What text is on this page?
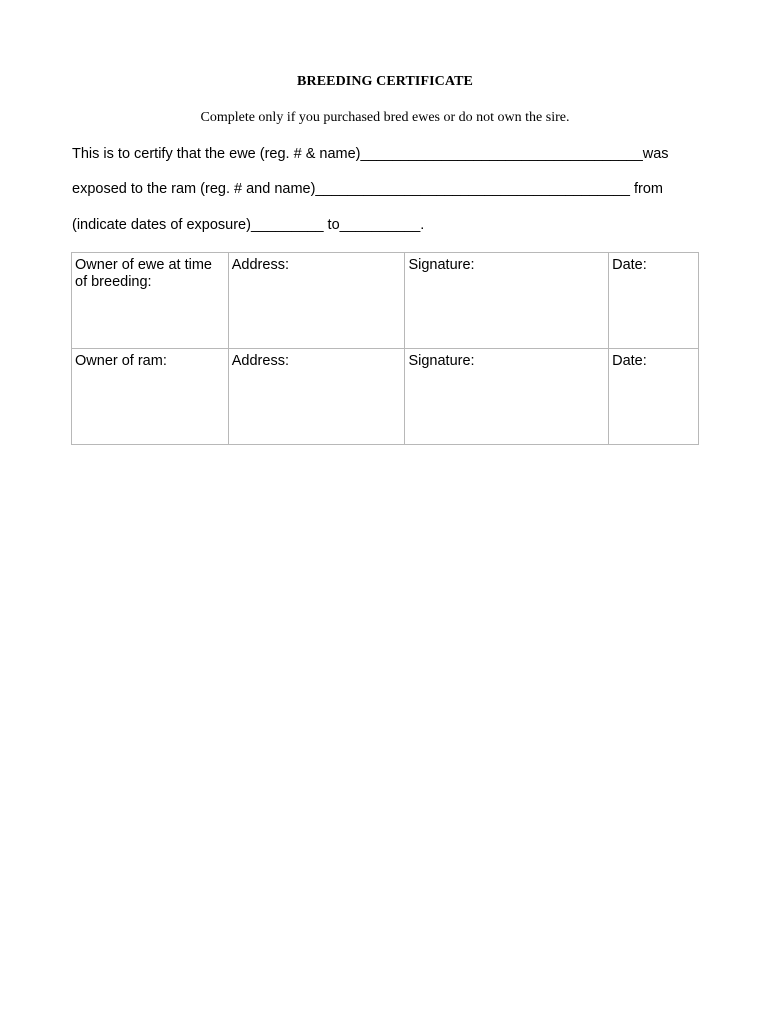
BREEDING CERTIFICATE
Complete only if you purchased bred ewes or do not own the sire.
This is to certify that the ewe (reg. # & name)___________________________________was
exposed to the ram (reg. # and name)_______________________________________ from
(indicate dates of exposure)_________ to__________.
Owner of ewe at time of breeding:	Address:	Signature:	Date:
Owner of ram:	Address:	Signature:	Date:
